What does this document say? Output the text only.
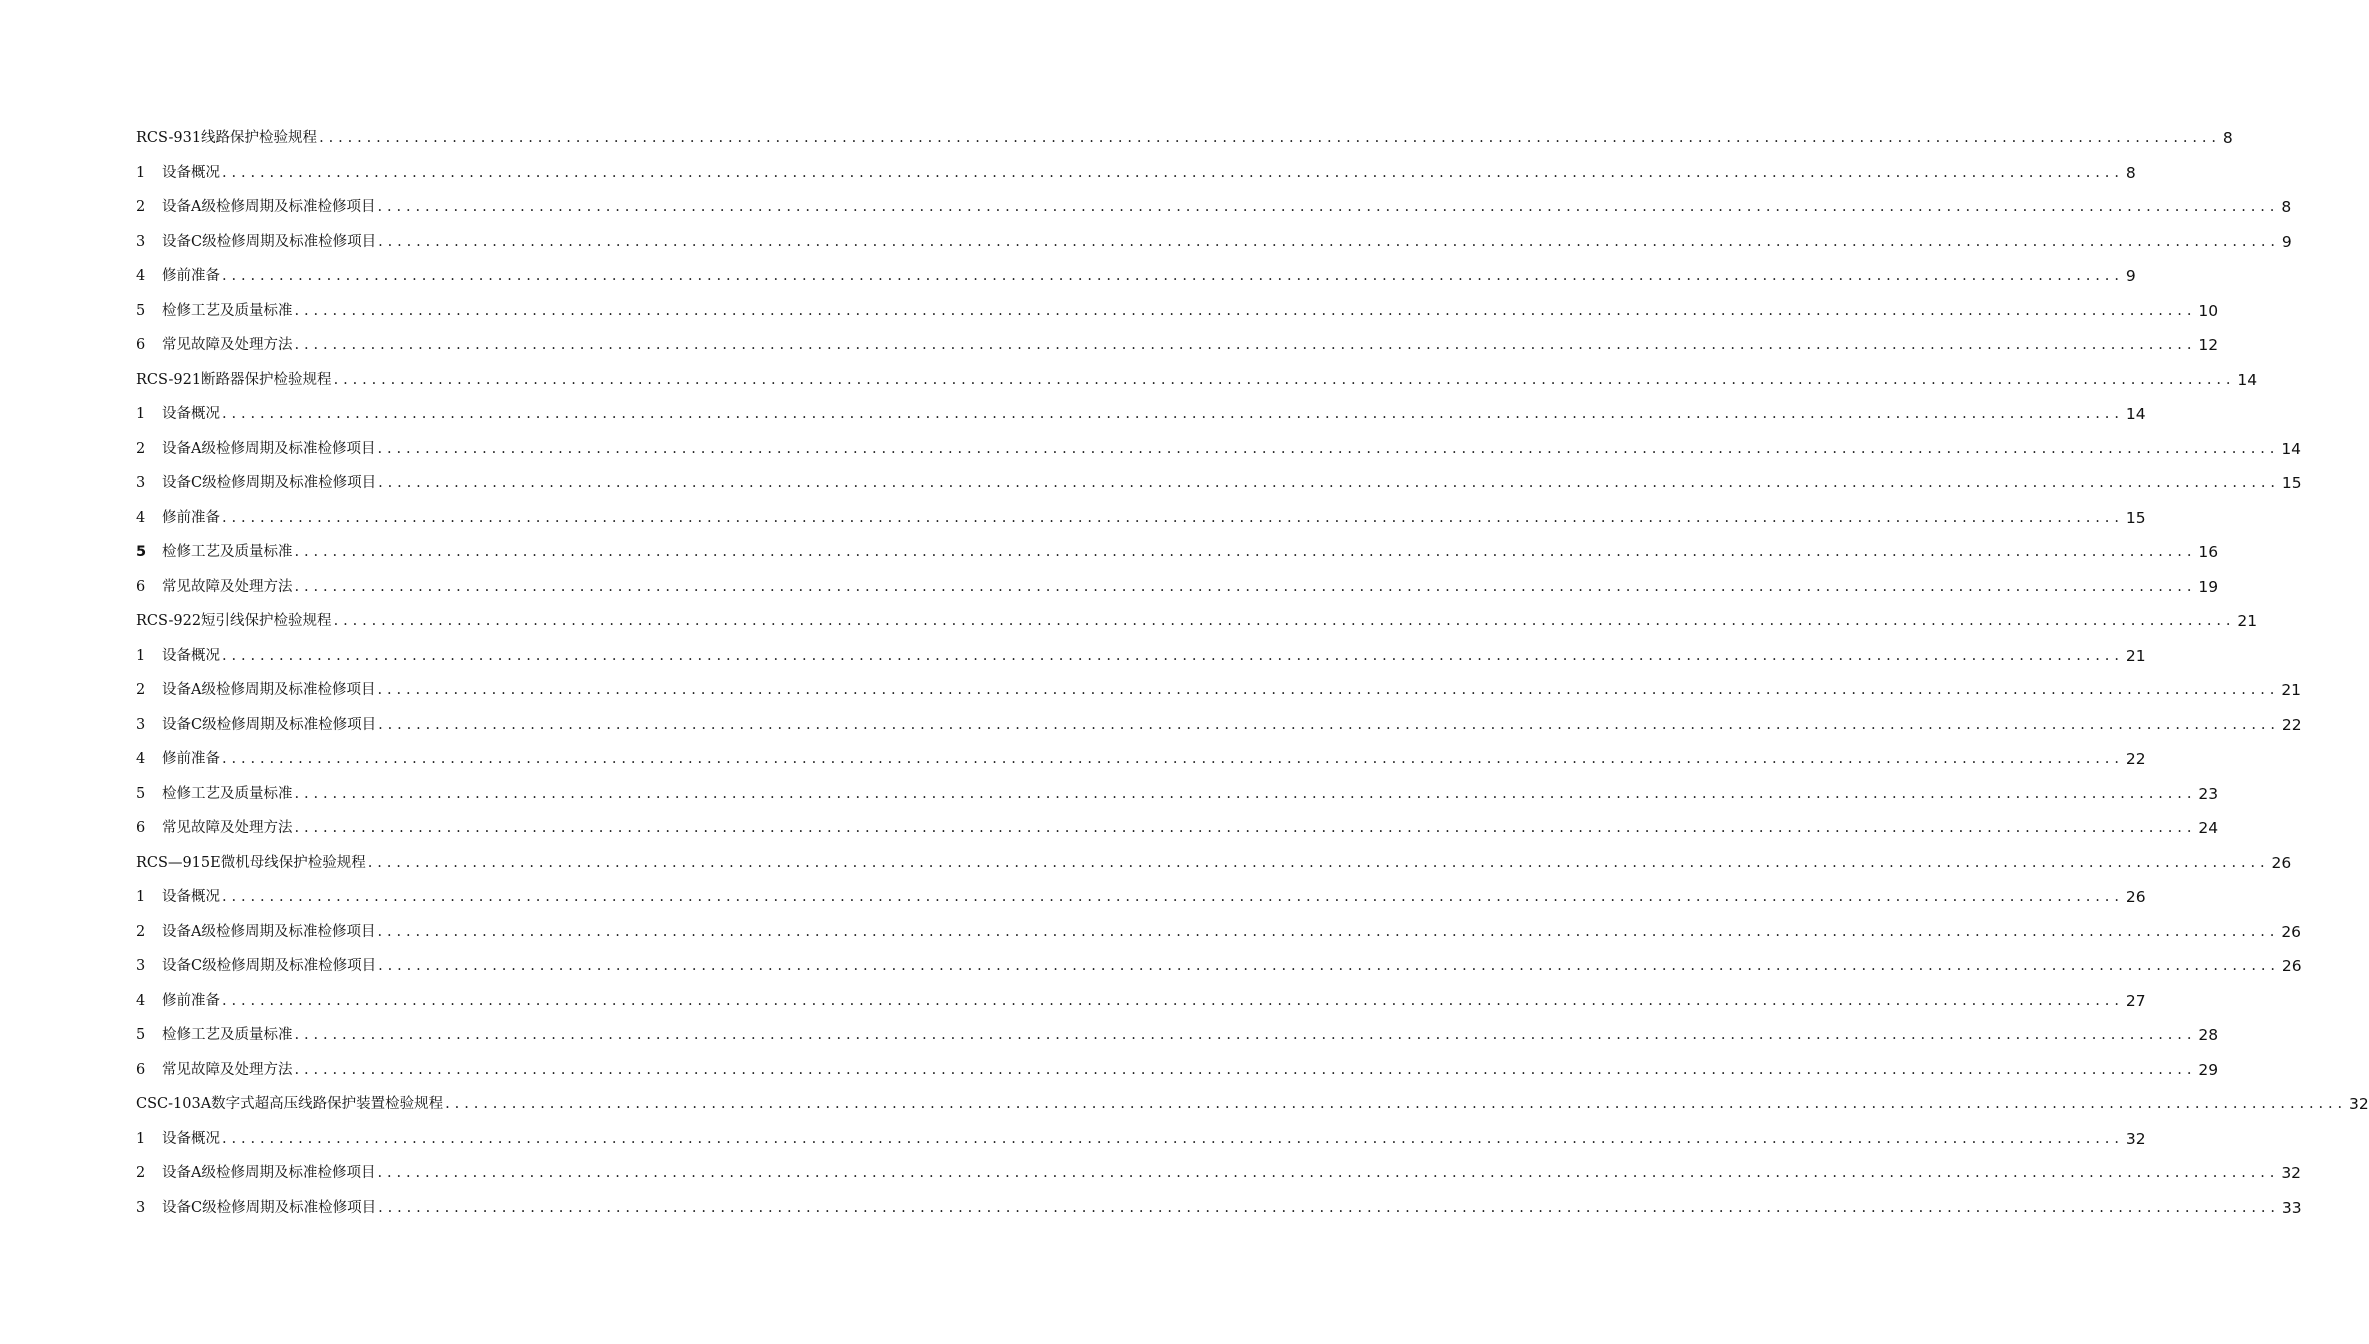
RCS-931线路保护检验规程 ........................................................................................................................................................................................................ 8
1	设备概况 ........................................................................................................................................................................................................ 8
2	设备A级检修周期及标准检修项目 ........................................................................................................................................................................................................ 8
3	设备C级检修周期及标准检修项目 ........................................................................................................................................................................................................ 9
4	修前准备 ........................................................................................................................................................................................................ 9
5	检修工艺及质量标准 ........................................................................................................................................................................................................ 10
6	常见故障及处理方法 ........................................................................................................................................................................................................ 12
RCS-921断路器保护检验规程 ........................................................................................................................................................................................................ 14
1	设备概况 ........................................................................................................................................................................................................ 14
2	设备A级检修周期及标准检修项目 ........................................................................................................................................................................................................ 14
3	设备C级检修周期及标准检修项目 ........................................................................................................................................................................................................ 15
4	修前准备 ........................................................................................................................................................................................................ 15
5	检修工艺及质量标准 ........................................................................................................................................................................................................ 16
6	常见故障及处理方法 ........................................................................................................................................................................................................ 19
RCS-922短引线保护检验规程 ........................................................................................................................................................................................................ 21
1	设备概况 ........................................................................................................................................................................................................ 21
2	设备A级检修周期及标准检修项目 ........................................................................................................................................................................................................ 21
3	设备C级检修周期及标准检修项目 ........................................................................................................................................................................................................ 22
4	修前准备 ........................................................................................................................................................................................................ 22
5	检修工艺及质量标准 ........................................................................................................................................................................................................ 23
6	常见故障及处理方法 ........................................................................................................................................................................................................ 24
RCS—915E微机母线保护检验规程 ........................................................................................................................................................................................................ 26
1	设备概况 ........................................................................................................................................................................................................ 26
2	设备A级检修周期及标准检修项目 ........................................................................................................................................................................................................ 26
3	设备C级检修周期及标准检修项目 ........................................................................................................................................................................................................ 26
4	修前准备 ........................................................................................................................................................................................................ 27
5	检修工艺及质量标准 ........................................................................................................................................................................................................ 28
6	常见故障及处理方法 ........................................................................................................................................................................................................ 29
CSC-103A数字式超高压线路保护装置检验规程 ........................................................................................................................................................................................................ 32
1	设备概况 ........................................................................................................................................................................................................ 32
2	设备A级检修周期及标准检修项目 ........................................................................................................................................................................................................ 32
3	设备C级检修周期及标准检修项目 ........................................................................................................................................................................................................ 33
